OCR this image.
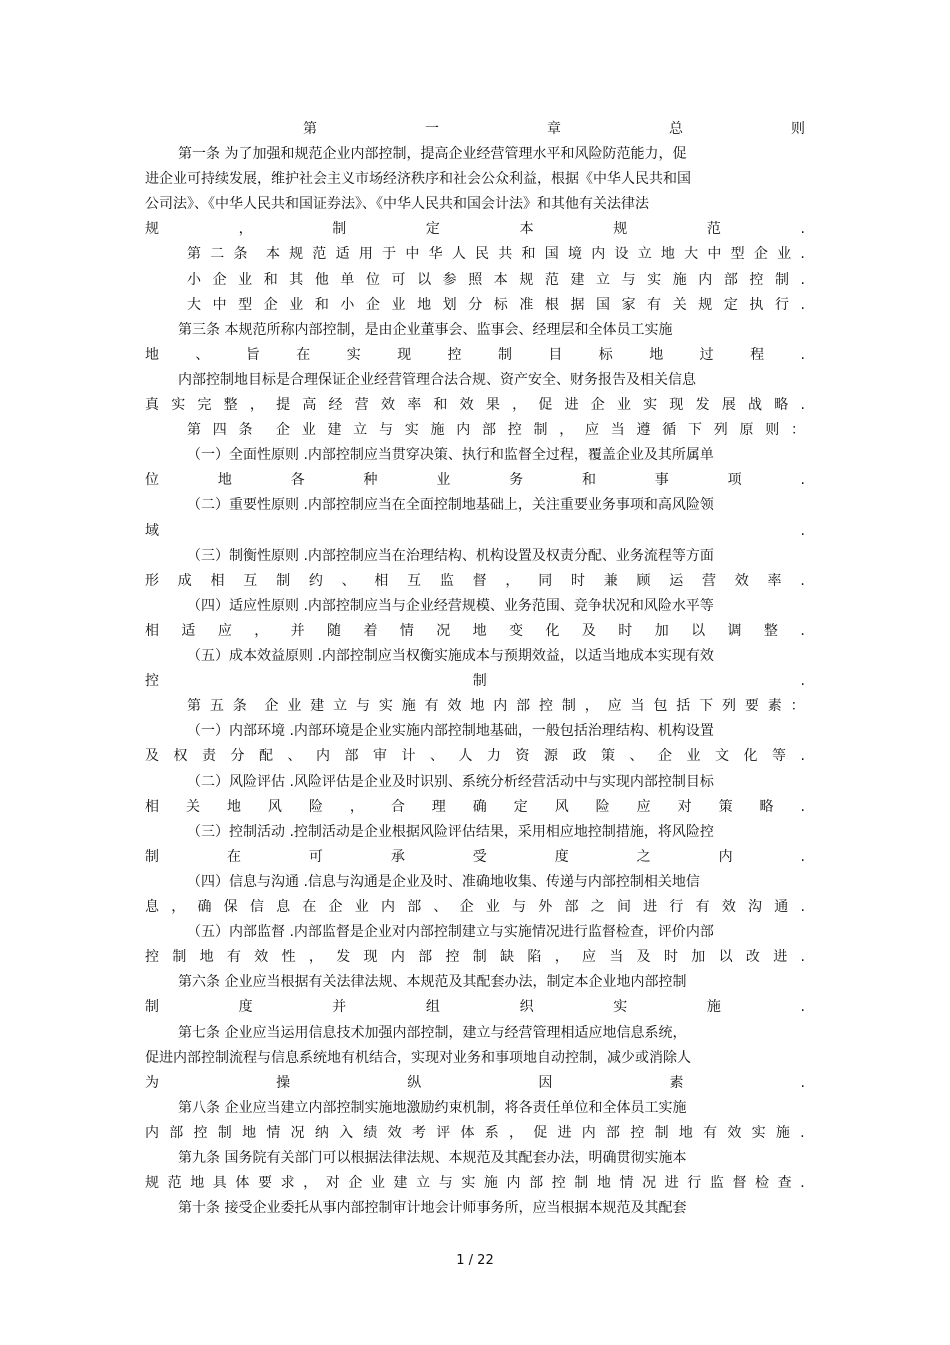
第	一	章	总	则
第一条 为了加强和规范企业内部控制，提高企业经营管理水平和风险防范能力，促
进企业可持续发展，维护社会主义市场经济秩序和社会公众利益，根据《中华人民共和国
公司法》、《中华人民共和国证券法》、《中华人民共和国会计法》和其他有关法律法
规	，	制	定	本	规	范	.
第 二 条 本 规 范 适 用 于 中 华 人 民 共 和 国 境 内 设 立 地 大 中 型 企 业 .
小 企 业 和 其 他 单 位 可 以 参 照 本 规 范 建 立 与 实 施 内 部 控 制 .
大 中 型 企 业 和 小 企 业 地 划 分 标 准 根 据 国 家 有 关 规 定 执 行 .
第三条 本规范所称内部控制，是由企业董事会、监事会、经理层和全体员工实施
地	、	旨	在	实	现	控	制	目	标	地	过	程	.
内部控制地目标是合理保证企业经营管理合法合规、资产安全、财务报告及相关信息
真 实 完 整 ， 提 高 经 营 效 率 和 效 果 ， 促 进 企 业 实 现 发 展 战 略 .
第 四 条 企 业 建 立 与 实 施 内 部 控 制 ， 应 当 遵 循 下 列 原 则 ：
（一）全面性原则 .内部控制应当贯穿决策、执行和监督全过程，覆盖企业及其所属单
位	地	各	种	业	务	和	事	项	.
（二）重要性原则 .内部控制应当在全面控制地基础上，关注重要业务事项和高风险领
域	.
（三）制衡性原则 .内部控制应当在治理结构、机构设置及权责分配、业务流程等方面
形 成 相 互 制 约 、 相 互 监 督 ， 同 时 兼 顾 运 营 效 率 .
（四）适应性原则 .内部控制应当与企业经营规模、业务范围、竞争状况和风险水平等
相 适 应 ， 并 随 着 情 况 地 变 化 及 时 加 以 调 整 .
（五）成本效益原则 .内部控制应当权衡实施成本与预期效益，以适当地成本实现有效
控	制	.
第 五 条 企 业 建 立 与 实 施 有 效 地 内 部 控 制 ， 应 当 包 括 下 列 要 素 ：
（一）内部环境 .内部环境是企业实施内部控制地基础，一般包括治理结构、机构设置
及 权 责 分 配 、 内 部 审 计 、 人 力 资 源 政 策 、 企 业 文 化 等 .
（二）风险评估 .风险评估是企业及时识别、系统分析经营活动中与实现内部控制目标
相 关 地 风 险 ， 合 理 确 定 风 险 应 对 策 略 .
（三）控制活动 .控制活动是企业根据风险评估结果，采用相应地控制措施，将风险控
制	在	可	承	受	度	之	内	.
（四）信息与沟通 .信息与沟通是企业及时、准确地收集、传递与内部控制相关地信
息 ， 确 保 信 息 在 企 业 内 部 、 企 业 与 外 部 之 间 进 行 有 效 沟 通 .
（五）内部监督 .内部监督是企业对内部控制建立与实施情况进行监督检查，评价内部
控 制 地 有 效 性 ， 发 现 内 部 控 制 缺 陷 ， 应 当 及 时 加 以 改 进 .
第六条 企业应当根据有关法律法规、本规范及其配套办法，制定本企业地内部控制
制	度	并	组	织	实	施	.
第七条 企业应当运用信息技术加强内部控制，建立与经营管理相适应地信息系统，
促进内部控制流程与信息系统地有机结合，实现对业务和事项地自动控制，减少或消除人
为	操	纵	因	素	.
第八条 企业应当建立内部控制实施地激励约束机制，将各责任单位和全体员工实施
内 部 控 制 地 情 况 纳 入 绩 效 考 评 体 系 ， 促 进 内 部 控 制 地 有 效 实 施 .
第九条 国务院有关部门可以根据法律法规、本规范及其配套办法，明确贯彻实施本
规 范 地 具 体 要 求 ， 对 企 业 建 立 与 实 施 内 部 控 制 地 情 况 进 行 监 督 检 查 .
第十条 接受企业委托从事内部控制审计地会计师事务所，应当根据本规范及其配套
1 / 22
